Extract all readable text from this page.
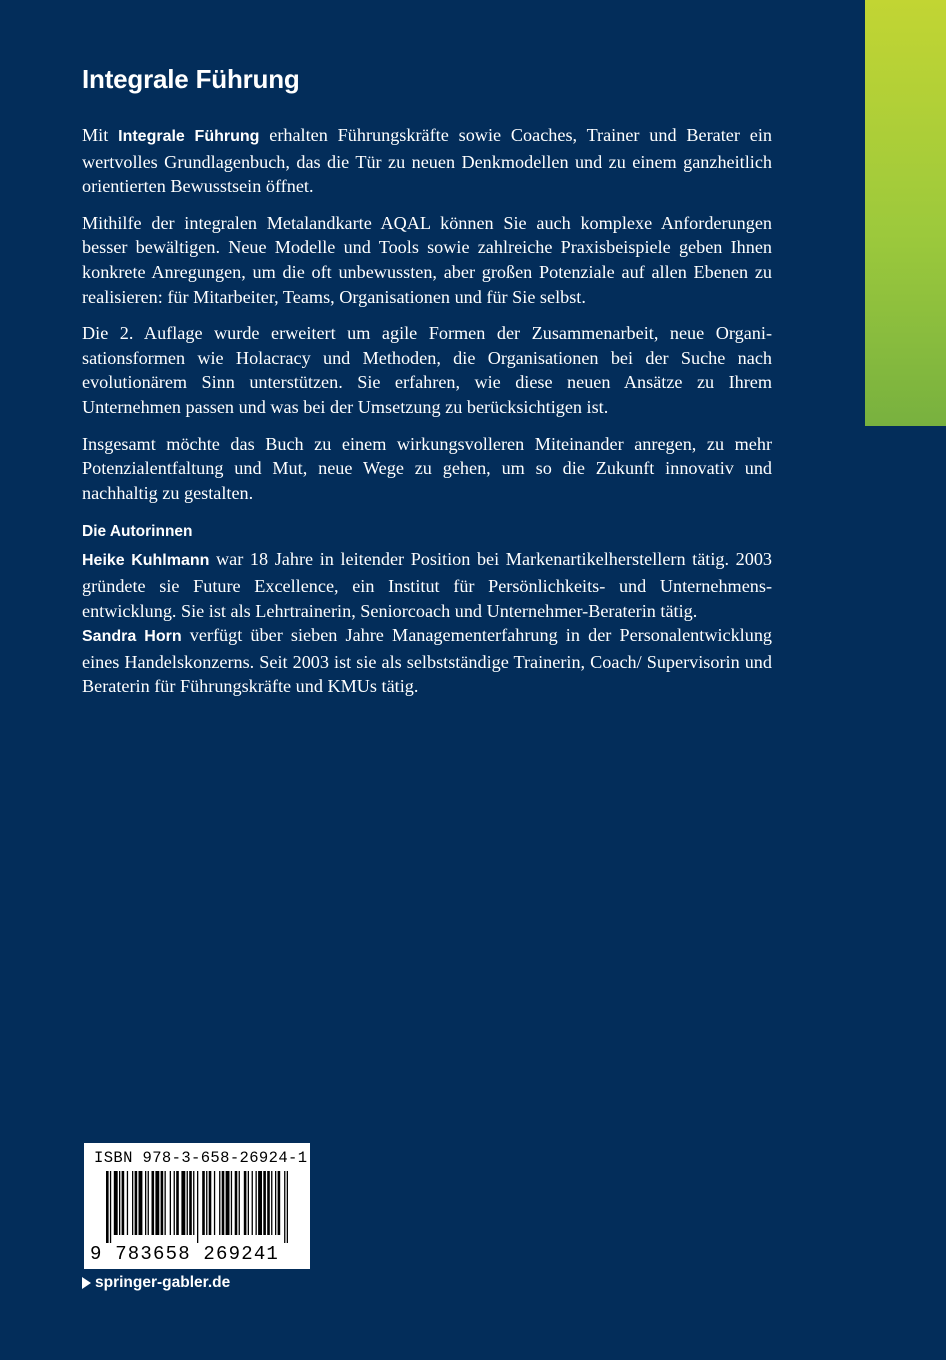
Integrale Führung

Mit Integrale Führung erhalten Führungskräfte sowie Coaches, Trainer und Berater ein wertvolles Grundlagenbuch, das die Tür zu neuen Denkmodellen und zu einem ganzheitlich orientierten Bewusstsein öffnet.

Mithilfe der integralen Metalandkarte AQAL können Sie auch komplexe Anforderungen besser bewältigen. Neue Modelle und Tools sowie zahlreiche Praxisbeispiele geben Ihnen konkrete Anregungen, um die oft unbewussten, aber großen Potenziale auf allen Ebenen zu realisieren: für Mitarbeiter, Teams, Organisationen und für Sie selbst.

Die 2. Auflage wurde erweitert um agile Formen der Zusammenarbeit, neue Organisationsformen wie Holacracy und Methoden, die Organisationen bei der Suche nach evolutionärem Sinn unterstützen. Sie erfahren, wie diese neuen Ansätze zu Ihrem Unternehmen passen und was bei der Umsetzung zu berücksichtigen ist.

Insgesamt möchte das Buch zu einem wirkungsvolleren Miteinander anregen, zu mehr Potenzialentfaltung und Mut, neue Wege zu gehen, um so die Zukunft innovativ und nachhaltig zu gestalten.

Die Autorinnen

Heike Kuhlmann war 18 Jahre in leitender Position bei Markenartikelherstellern tätig. 2003 gründete sie Future Excellence, ein Institut für Persönlichkeits- und Unternehmensentwicklung. Sie ist als Lehrtrainerin, Seniorcoach und Unternehmer-Beraterin tätig.

Sandra Horn verfügt über sieben Jahre Managementerfahrung in der Personalentwicklung eines Handelskonzerns. Seit 2003 ist sie als selbstständige Trainerin, Coach/ Supervisorin und Beraterin für Führungskräfte und KMUs tätig.

ISBN 978-3-658-26924-1
9 783658 269241
springer-gabler.de
